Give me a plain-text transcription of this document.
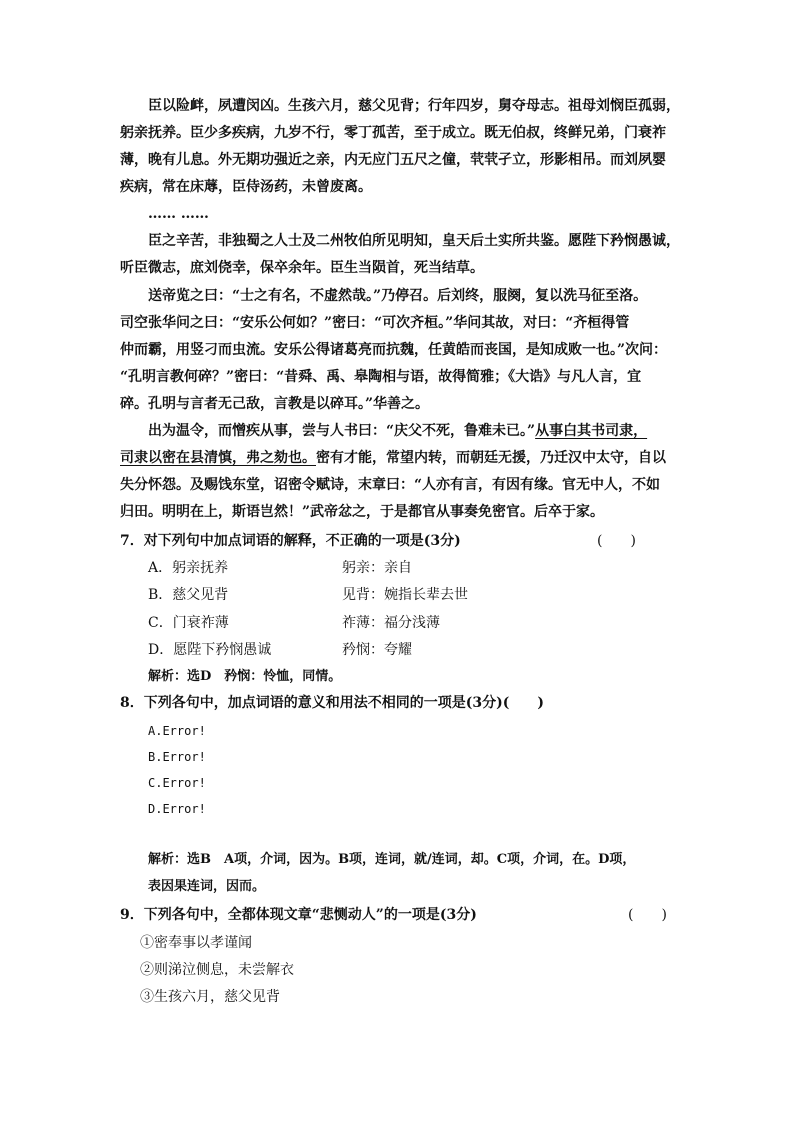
臣以险衅，夙遭闵凶。生孩六月，慈父见背；行年四岁，舅夺母志。祖母刘悯臣孤弱，
躬亲抚养。臣少多疾病，九岁不行，零丁孤苦，至于成立。既无伯叔，终鲜兄弟，门衰祚
薄，晚有儿息。外无期功强近之亲，内无应门五尺之僮，茕茕孑立，形影相吊。而刘夙婴
疾病，常在床蓐，臣侍汤药，未曾废离。
…… ……
臣之辛苦，非独蜀之人士及二州牧伯所见明知，皇天后土实所共鉴。愿陛下矜悯愚诚，
听臣微志，庶刘侥幸，保卒余年。臣生当陨首，死当结草。
送帝览之曰：“士之有名，不虚然哉。”乃停召。后刘终，服阕，复以洗马征至洛。
司空张华问之曰：“安乐公何如？”密曰：“可次齐桓。”华问其故，对曰：“齐桓得管
仲而霸，用竖刁而虫流。安乐公得诸葛亮而抗魏，任黄皓而丧国，是知成败一也。”次问：
“孔明言教何碎？”密曰：“昔舜、禹、皋陶相与语，故得简雅；《大诰》与凡人言，宜
碎。孔明与言者无己敌，言教是以碎耳。”华善之。
出为温令，而憎疾从事，尝与人书曰：“庆父不死，鲁难未已。”从事白其书司隶，
司隶以密在县清慎，弗之劾也。密有才能，常望内转，而朝廷无援，乃迁汉中太守，自以
失分怀怨。及赐饯东堂，诏密令赋诗，末章曰：“人亦有言，有因有缘。官无中人，不如
归田。明明在上，斯语岂然！”武帝忿之，于是都官从事奏免密官。后卒于家。
7．对下列句中加点词语的解释，不正确的一项是(3分)	(　　)
A．躬亲抚养	躬亲：亲自
B．慈父见背	见背：婉指长辈去世
C．门衰祚薄	祚薄：福分浅薄
D．愿陛下矜悯愚诚	矜悯：夸耀
解析：选D　矜悯：怜恤，同情。
8．下列各句中，加点词语的意义和用法不相同的一项是(3分)(　　)
A.Error!
B.Error!
C.Error!
D.Error!
解析：选B　A项，介词，因为。B项，连词，就/连词，却。C项，介词，在。D项，
表因果连词，因而。
9．下列各句中，全都体现文章“悲恻动人”的一项是(3分)	(　　)
①密奉事以孝谨闻
②则涕泣侧息，未尝解衣
③生孩六月，慈父见背
